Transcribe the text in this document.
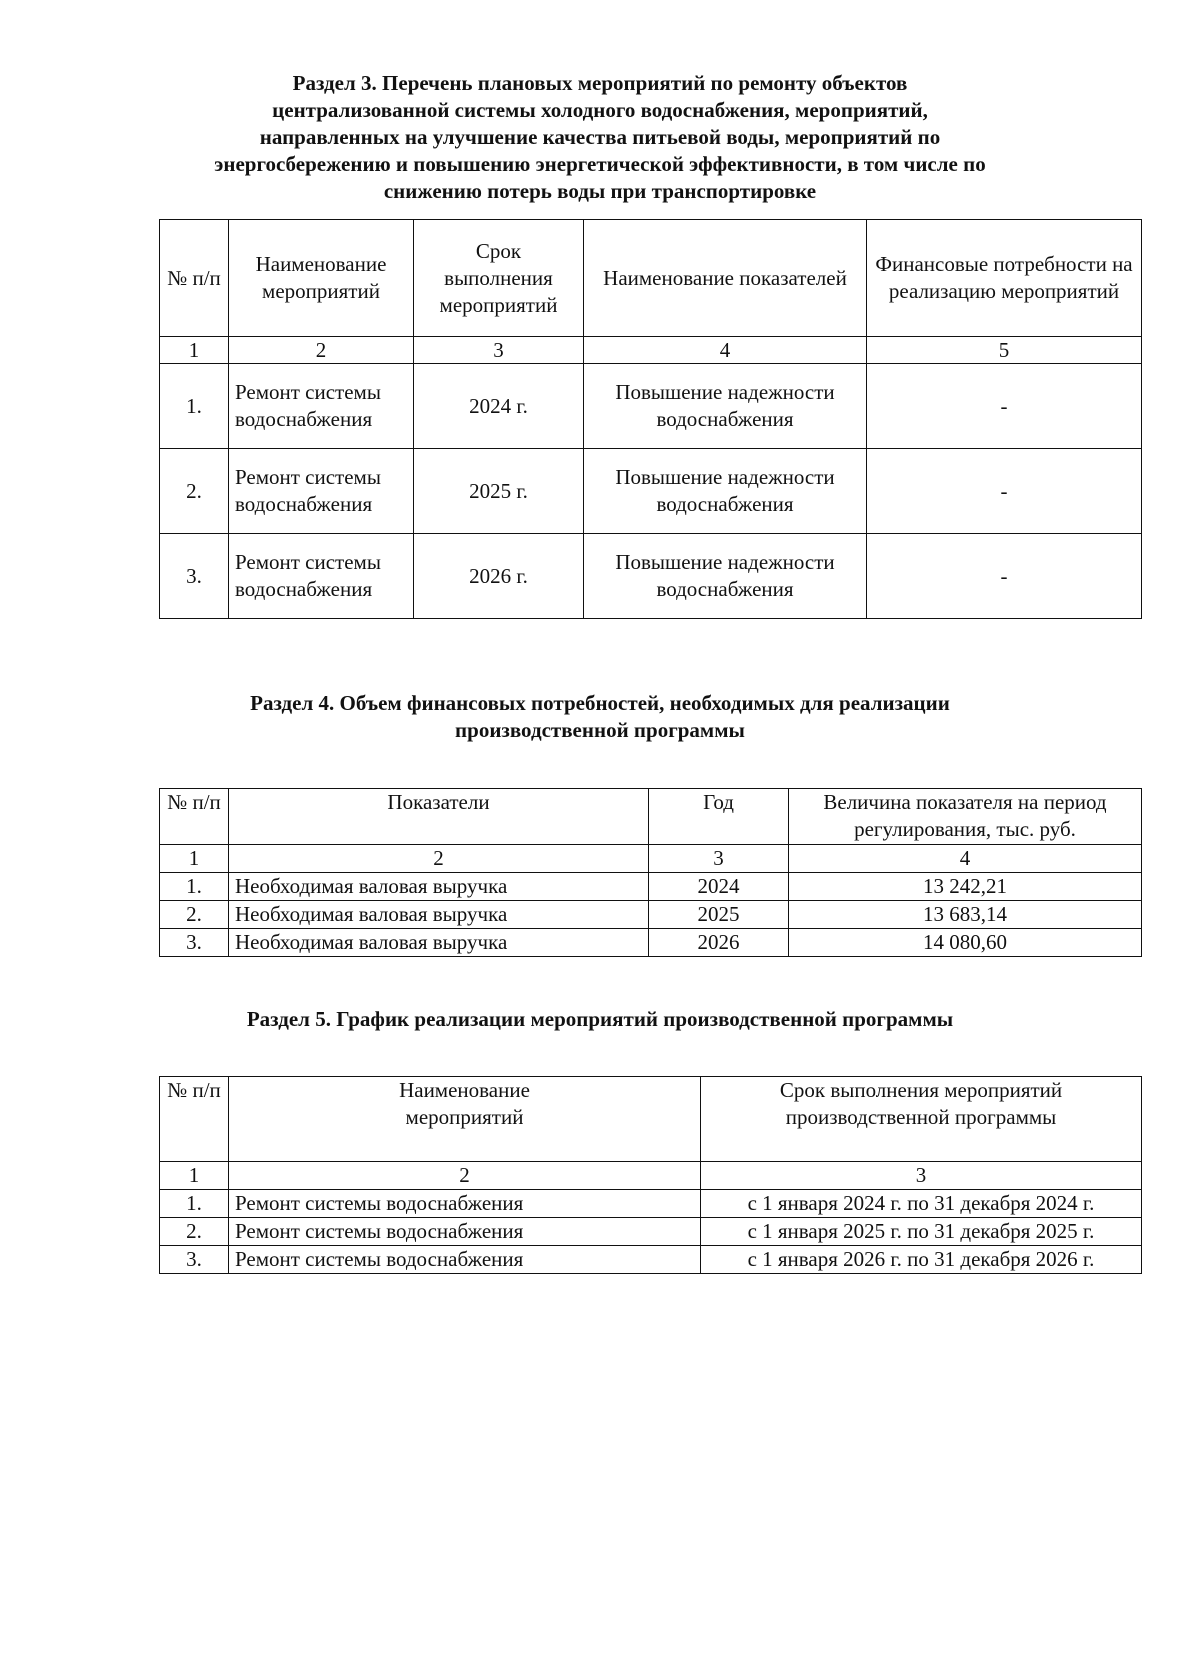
Раздел 3. Перечень плановых мероприятий по ремонту объектов
централизованной системы холодного водоснабжения, мероприятий,
направленных на улучшение качества питьевой воды, мероприятий по
энергосбережению и повышению энергетической эффективности, в том числе по
снижению потерь воды при транспортировке
№ п/п	Наименование мероприятий	Срок выполнения мероприятий	Наименование показателей	Финансовые потребности на реализацию мероприятий
1	2	3	4	5
1.	Ремонт системы водоснабжения	2024 г.	Повышение надежности водоснабжения	-
2.	Ремонт системы водоснабжения	2025 г.	Повышение надежности водоснабжения	-
3.	Ремонт системы водоснабжения	2026 г.	Повышение надежности водоснабжения	-
Раздел 4. Объем финансовых потребностей, необходимых для реализации
производственной программы
№ п/п	Показатели	Год	Величина показателя на период регулирования, тыс. руб.
1	2	3	4
1.	Необходимая валовая выручка	2024	13 242,21
2.	Необходимая валовая выручка	2025	13 683,14
3.	Необходимая валовая выручка	2026	14 080,60
Раздел 5. График реализации мероприятий производственной программы
№ п/п	Наименование мероприятий	Срок выполнения мероприятий производственной программы
1	2	3
1.	Ремонт системы водоснабжения	с 1 января 2024 г. по 31 декабря 2024 г.
2.	Ремонт системы водоснабжения	с 1 января 2025 г. по 31 декабря 2025 г.
3.	Ремонт системы водоснабжения	с 1 января 2026 г. по 31 декабря 2026 г.
